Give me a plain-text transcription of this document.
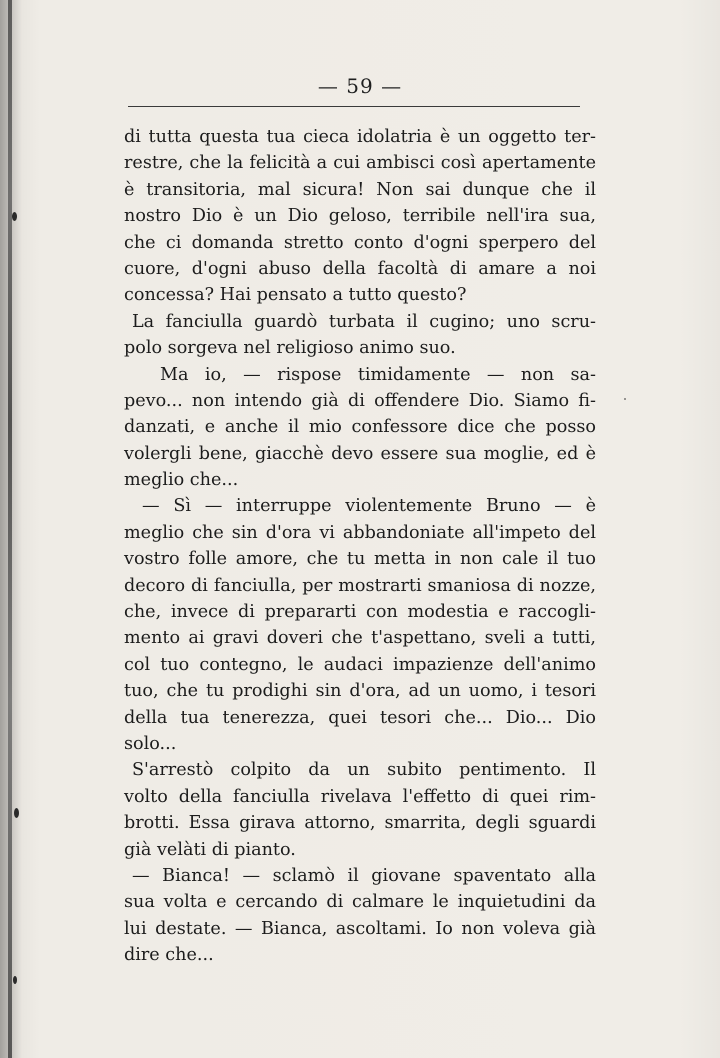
— 59 —
di tutta questa tua cieca idolatria è un oggetto ter-
restre, che la felicità a cui ambisci così apertamente
è transitoria, mal sicura! Non sai dunque che il
nostro Dio è un Dio geloso, terribile nell'ira sua,
che ci domanda stretto conto d'ogni sperpero del
cuore, d'ogni abuso della facoltà di amare a noi
concessa? Hai pensato a tutto questo?
La fanciulla guardò turbata il cugino; uno scru-
polo sorgeva nel religioso animo suo.
Ma io, — rispose timidamente — non sa-
pevo... non intendo già di offendere Dio. Siamo fi-
danzati, e anche il mio confessore dice che posso
volergli bene, giacchè devo essere sua moglie, ed è
meglio che...
— Sì — interruppe violentemente Bruno — è
meglio che sin d'ora vi abbandoniate all'impeto del
vostro folle amore, che tu metta in non cale il tuo
decoro di fanciulla, per mostrarti smaniosa di nozze,
che, invece di prepararti con modestia e raccogli-
mento ai gravi doveri che t'aspettano, sveli a tutti,
col tuo contegno, le audaci impazienze dell'animo
tuo, che tu prodighi sin d'ora, ad un uomo, i tesori
della tua tenerezza, quei tesori che... Dio... Dio
solo...
S'arrestò colpito da un subito pentimento. Il
volto della fanciulla rivelava l'effetto di quei rim-
brotti. Essa girava attorno, smarrita, degli sguardi
già velàti di pianto.
— Bianca! — sclamò il giovane spaventato alla
sua volta e cercando di calmare le inquietudini da
lui destate. — Bianca, ascoltami. Io non voleva già
dire che...
